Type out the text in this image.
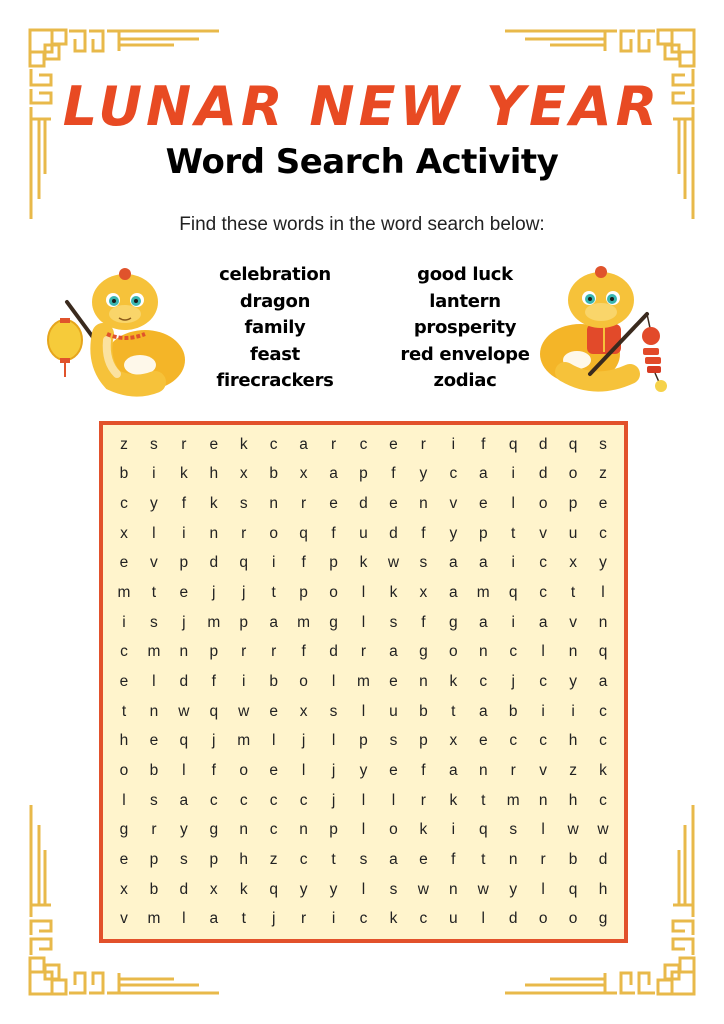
LUNAR NEW YEAR
Word Search Activity
Find these words in the word search below:
celebration
dragon
family
feast
firecrackers
good luck
lantern
prosperity
red envelope
zodiac
z	s	r	e	k	c	a	r	c	e	r	i	f	q	d	q	s
b	i	k	h	x	b	x	a	p	f	y	c	a	i	d	o	z
c	y	f	k	s	n	r	e	d	e	n	v	e	l	o	p	e
x	l	i	n	r	o	q	f	u	d	f	y	p	t	v	u	c
e	v	p	d	q	i	f	p	k	w	s	a	a	i	c	x	y
m	t	e	j	j	t	p	o	l	k	x	a	m	q	c	t	l
i	s	j	m	p	a	m	g	l	s	f	g	a	i	a	v	n
c	m	n	p	r	r	f	d	r	a	g	o	n	c	l	n	q
e	l	d	f	i	b	o	l	m	e	n	k	c	j	c	y	a
t	n	w	q	w	e	x	s	l	u	b	t	a	b	i	i	c
h	e	q	j	m	l	j	l	p	s	p	x	e	c	c	h	c
o	b	l	f	o	e	l	j	y	e	f	a	n	r	v	z	k
l	s	a	c	c	c	c	j	l	l	r	k	t	m	n	h	c
g	r	y	g	n	c	n	p	l	o	k	i	q	s	l	w	w
e	p	s	p	h	z	c	t	s	a	e	f	t	n	r	b	d
x	b	d	x	k	q	y	y	l	s	w	n	w	y	l	q	h
v	m	l	a	t	j	r	i	c	k	c	u	l	d	o	o	g
